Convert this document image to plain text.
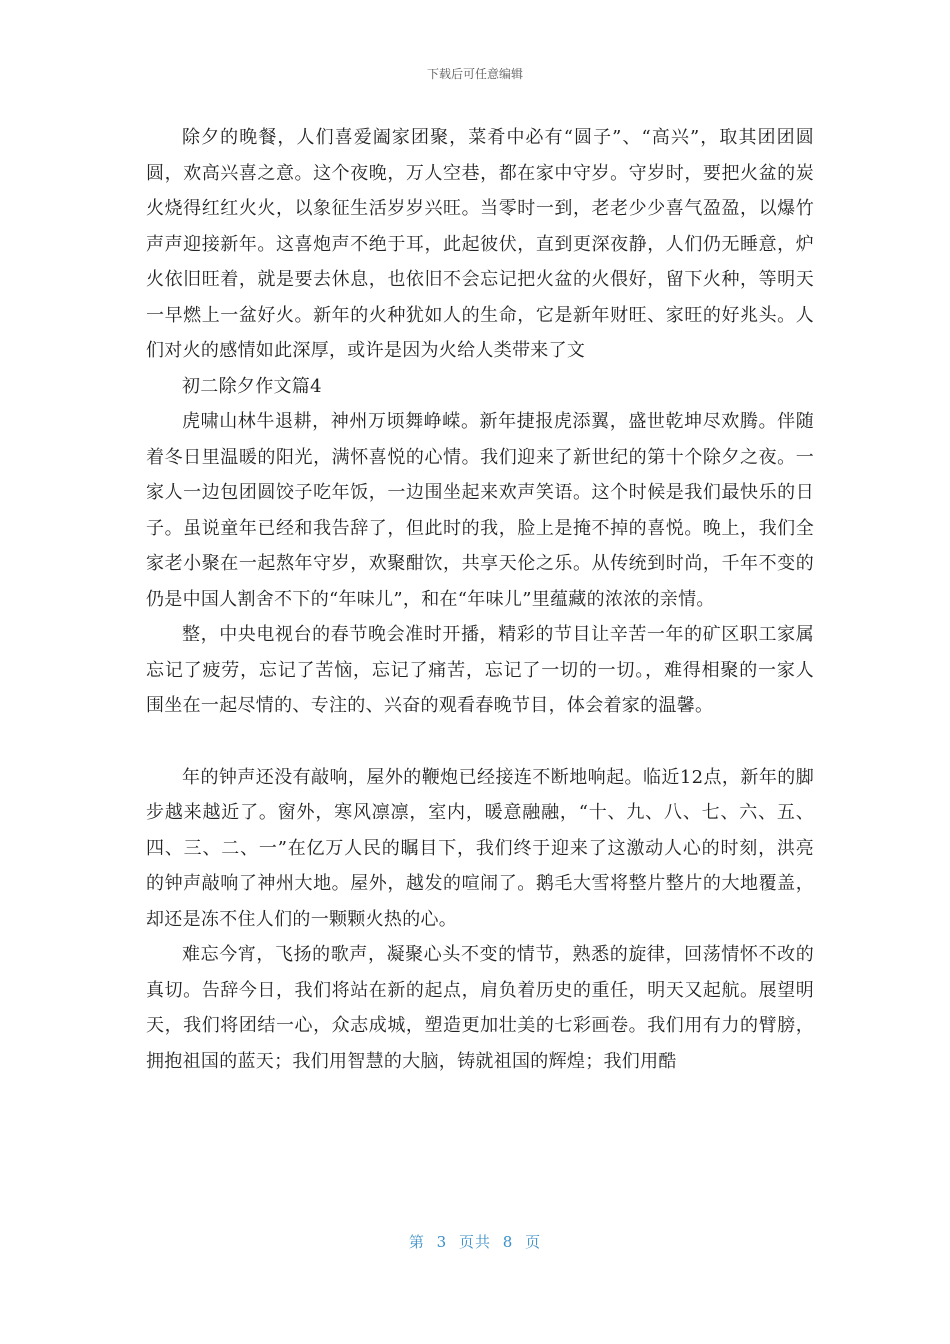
下载后可任意编辑

除夕的晚餐，人们喜爱阖家团聚，菜肴中必有“圆子”、“高兴”，取其团团圆圆，欢高兴喜之意。这个夜晚，万人空巷，都在家中守岁。守岁时，要把火盆的炭火烧得红红火火，以象征生活岁岁兴旺。当零时一到，老老少少喜气盈盈，以爆竹声声迎接新年。这喜炮声不绝于耳，此起彼伏，直到更深夜静，人们仍无睡意，炉火依旧旺着，就是要去休息，也依旧不会忘记把火盆的火偎好，留下火种，等明天一早燃上一盆好火。新年的火种犹如人的生命，它是新年财旺、家旺的好兆头。人们对火的感情如此深厚，或许是因为火给人类带来了文

初二除夕作文篇4

虎啸山林牛退耕，神州万顷舞峥嵘。新年捷报虎添翼，盛世乾坤尽欢腾。伴随着冬日里温暖的阳光，满怀喜悦的心情。我们迎来了新世纪的第十个除夕之夜。一家人一边包团圆饺子吃年饭，一边围坐起来欢声笑语。这个时候是我们最快乐的日子。虽说童年已经和我告辞了，但此时的我，脸上是掩不掉的喜悦。晚上，我们全家老小聚在一起熬年守岁，欢聚酣饮，共享天伦之乐。从传统到时尚，千年不变的仍是中国人割舍不下的“年味儿”，和在“年味儿”里蕴藏的浓浓的亲情。

整，中央电视台的春节晚会准时开播，精彩的节目让辛苦一年的矿区职工家属忘记了疲劳，忘记了苦恼，忘记了痛苦，忘记了一切的一切。，难得相聚的一家人围坐在一起尽情的、专注的、兴奋的观看春晚节目，体会着家的温馨。

年的钟声还没有敲响，屋外的鞭炮已经接连不断地响起。临近12点，新年的脚步越来越近了。窗外，寒风凛凛，室内，暖意融融，“十、九、八、七、六、五、四、三、二、一”在亿万人民的瞩目下，我们终于迎来了这激动人心的时刻，洪亮的钟声敲响了神州大地。屋外，越发的喧闹了。鹅毛大雪将整片整片的大地覆盖，却还是冻不住人们的一颗颗火热的心。

难忘今宵，飞扬的歌声，凝聚心头不变的情节，熟悉的旋律，回荡情怀不改的真切。告辞今日，我们将站在新的起点，肩负着历史的重任，明天又起航。展望明天，我们将团结一心，众志成城，塑造更加壮美的七彩画卷。我们用有力的臂膀，拥抱祖国的蓝天；我们用智慧的大脑，铸就祖国的辉煌；我们用酷

第 3 页共 8 页
